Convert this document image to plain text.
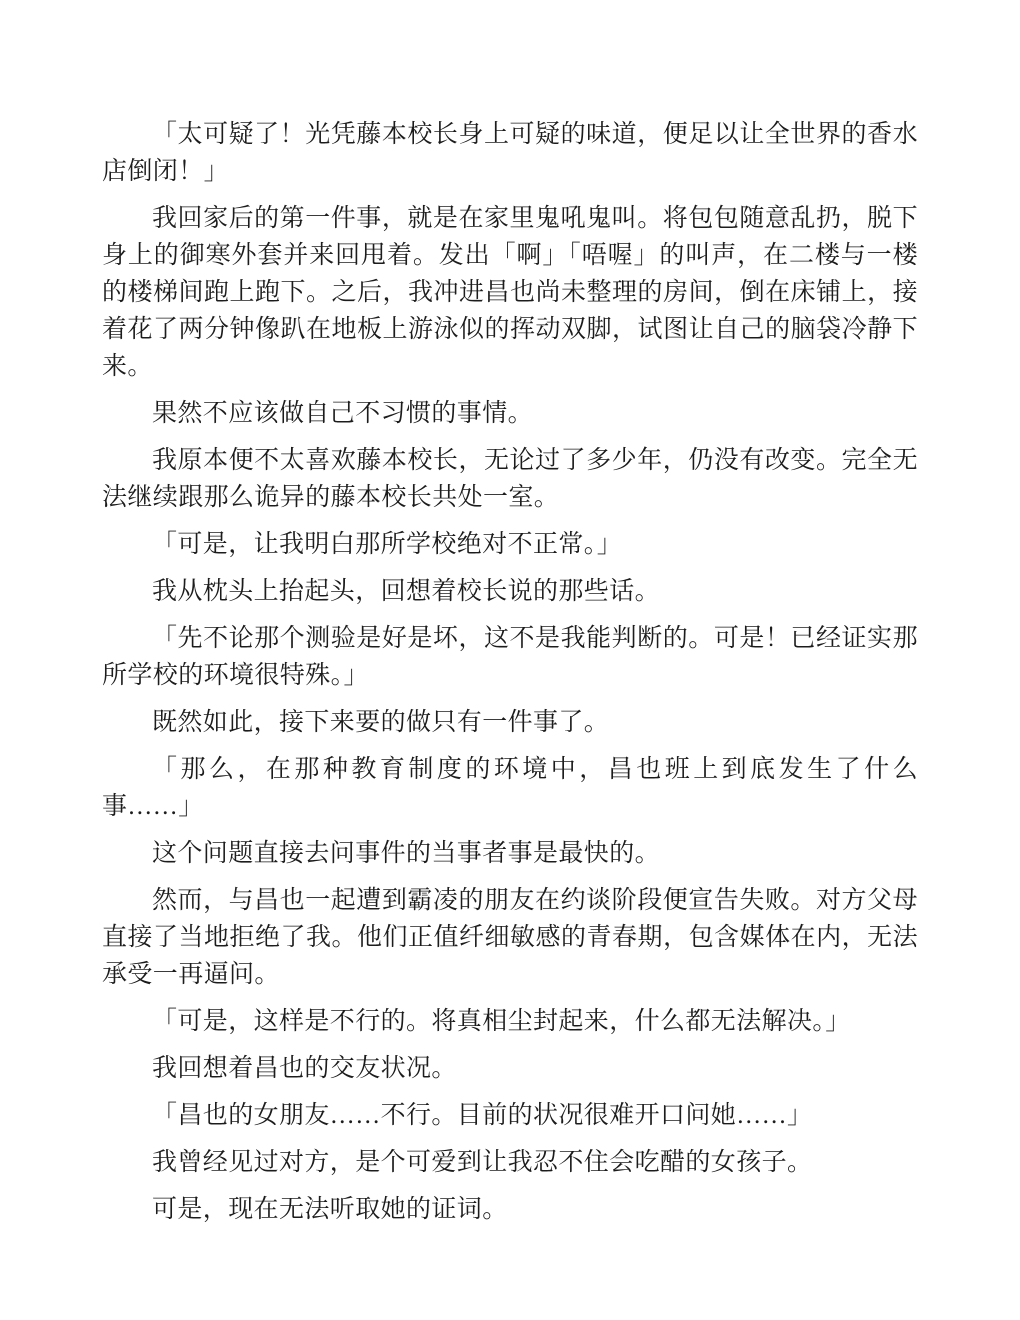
「太可疑了！光凭藤本校长身上可疑的味道，便足以让全世界的香水店倒闭！」

我回家后的第一件事，就是在家里鬼吼鬼叫。将包包随意乱扔，脱下身上的御寒外套并来回甩着。发出「啊」「唔喔」的叫声，在二楼与一楼的楼梯间跑上跑下。之后，我冲进昌也尚未整理的房间，倒在床铺上，接着花了两分钟像趴在地板上游泳似的挥动双脚，试图让自己的脑袋冷静下来。

果然不应该做自己不习惯的事情。

我原本便不太喜欢藤本校长，无论过了多少年，仍没有改变。完全无法继续跟那么诡异的藤本校长共处一室。

「可是，让我明白那所学校绝对不正常。」

我从枕头上抬起头，回想着校长说的那些话。

「先不论那个测验是好是坏，这不是我能判断的。可是！已经证实那所学校的环境很特殊。」

既然如此，接下来要的做只有一件事了。

「那么，在那种教育制度的环境中，昌也班上到底发生了什么事……」

这个问题直接去问事件的当事者事是最快的。

然而，与昌也一起遭到霸凌的朋友在约谈阶段便宣告失败。对方父母直接了当地拒绝了我。他们正值纤细敏感的青春期，包含媒体在内，无法承受一再逼问。

「可是，这样是不行的。将真相尘封起来，什么都无法解决。」

我回想着昌也的交友状况。

「昌也的女朋友……不行。目前的状况很难开口问她……」

我曾经见过对方，是个可爱到让我忍不住会吃醋的女孩子。

可是，现在无法听取她的证词。
